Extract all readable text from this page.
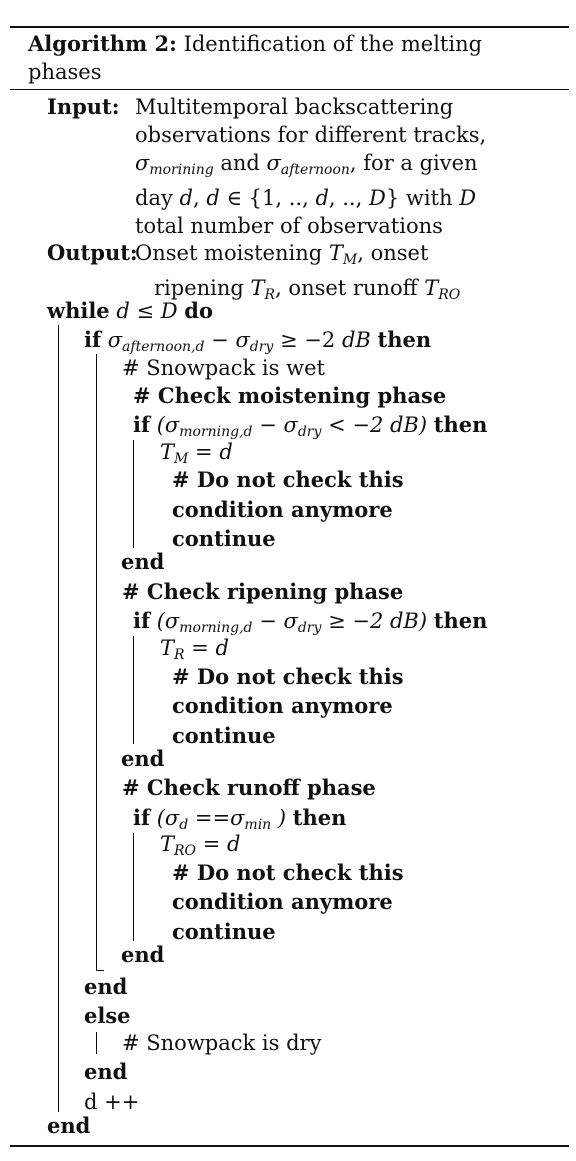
Algorithm 2: Identification of the melting phases
Input: Multitemporal backscattering
observations for different tracks,
$\sigma_{morining}$ and $\sigma_{afternoon}$, for a given
day d, d ∈ {1, .., d, .., D} with D
total number of observations
Output:
Onset moistening $T_M$, onset
ripening $T_R$, onset runoff $T_{RO}$
while d ≤ D do
if $\sigma_{afternoon,d} - \sigma_{dry} \ge -2$ dB then
# Snowpack is wet
# Check moistening phase
if ($\sigma_{morning,d} - \sigma_{dry} < -2$ dB) then
$T_M = d$
# Do not check this
condition anymore
continue
end
# Check ripening phase
if ($\sigma_{morning,d} - \sigma_{dry} \ge -2$ dB) then
$T_R = d$
# Do not check this
condition anymore
continue
end
# Check runoff phase
if ($\sigma_d ==\sigma_{min}$ ) then
$T_{RO} = d$
# Do not check this
condition anymore
continue
end
end
else
# Snowpack is dry
end
d ++
end
